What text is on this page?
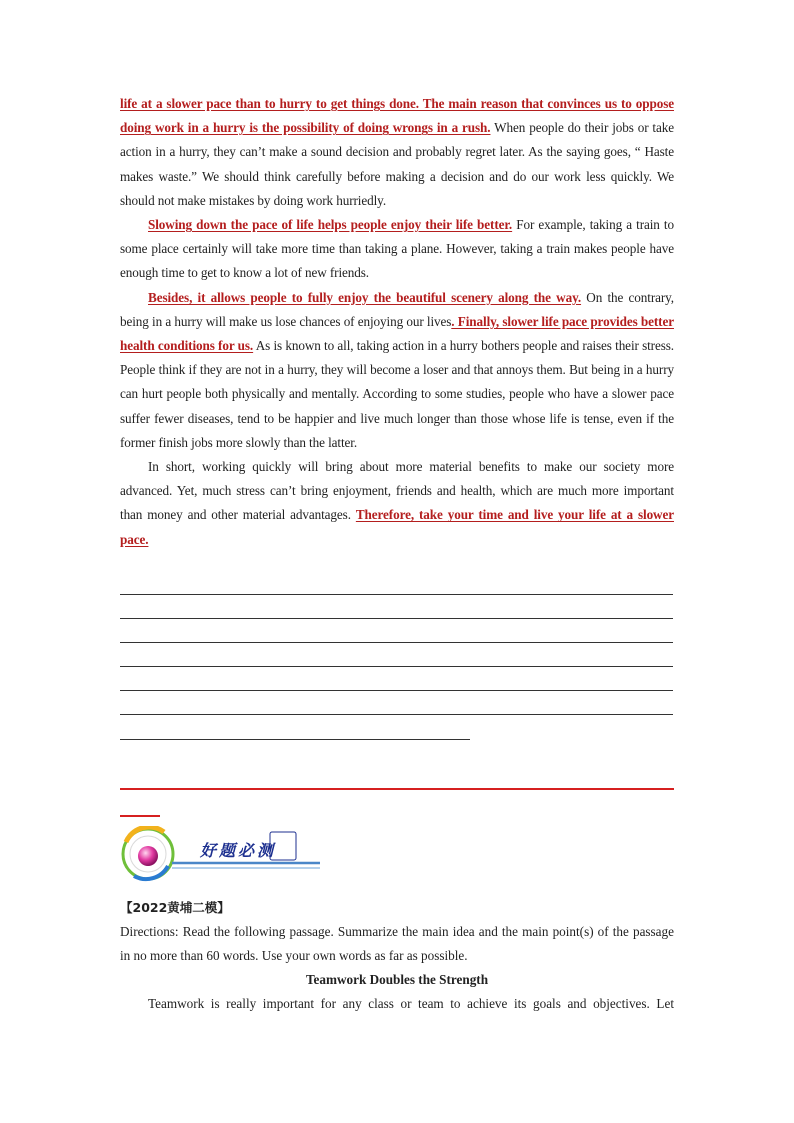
life at a slower pace than to hurry to get things done. The main reason that convinces us to oppose doing work in a hurry is the possibility of doing wrongs in a rush. When people do their jobs or take action in a hurry, they can’t make a sound decision and probably regret later. As the saying goes, “ Haste makes waste.” We should think carefully before making a decision and do our work less quickly. We should not make mistakes by doing work hurriedly.

Slowing down the pace of life helps people enjoy their life better. For example, taking a train to some place certainly will take more time than taking a plane. However, taking a train makes people have enough time to get to know a lot of new friends.

Besides, it allows people to fully enjoy the beautiful scenery along the way. On the contrary, being in a hurry will make us lose chances of enjoying our lives. Finally, slower life pace provides better health conditions for us. As is known to all, taking action in a hurry bothers people and raises their stress. People think if they are not in a hurry, they will become a loser and that annoys them. But being in a hurry can hurt people both physically and mentally. According to some studies, people who have a slower pace suffer fewer diseases, tend to be happier and live much longer than those whose life is tense, even if the former finish jobs more slowly than the latter.

In short, working quickly will bring about more material benefits to make our society more advanced. Yet, much stress can’t bring enjoyment, friends and health, which are much more important than money and other material advantages. Therefore, take your time and live your life at a slower pace.

好题必测

【2022黄埔二模】

Directions: Read the following passage. Summarize the main idea and the main point(s) of the passage in no more than 60 words. Use your own words as far as possible.

Teamwork Doubles the Strength

Teamwork is really important for any class or team to achieve its goals and objectives. Let
